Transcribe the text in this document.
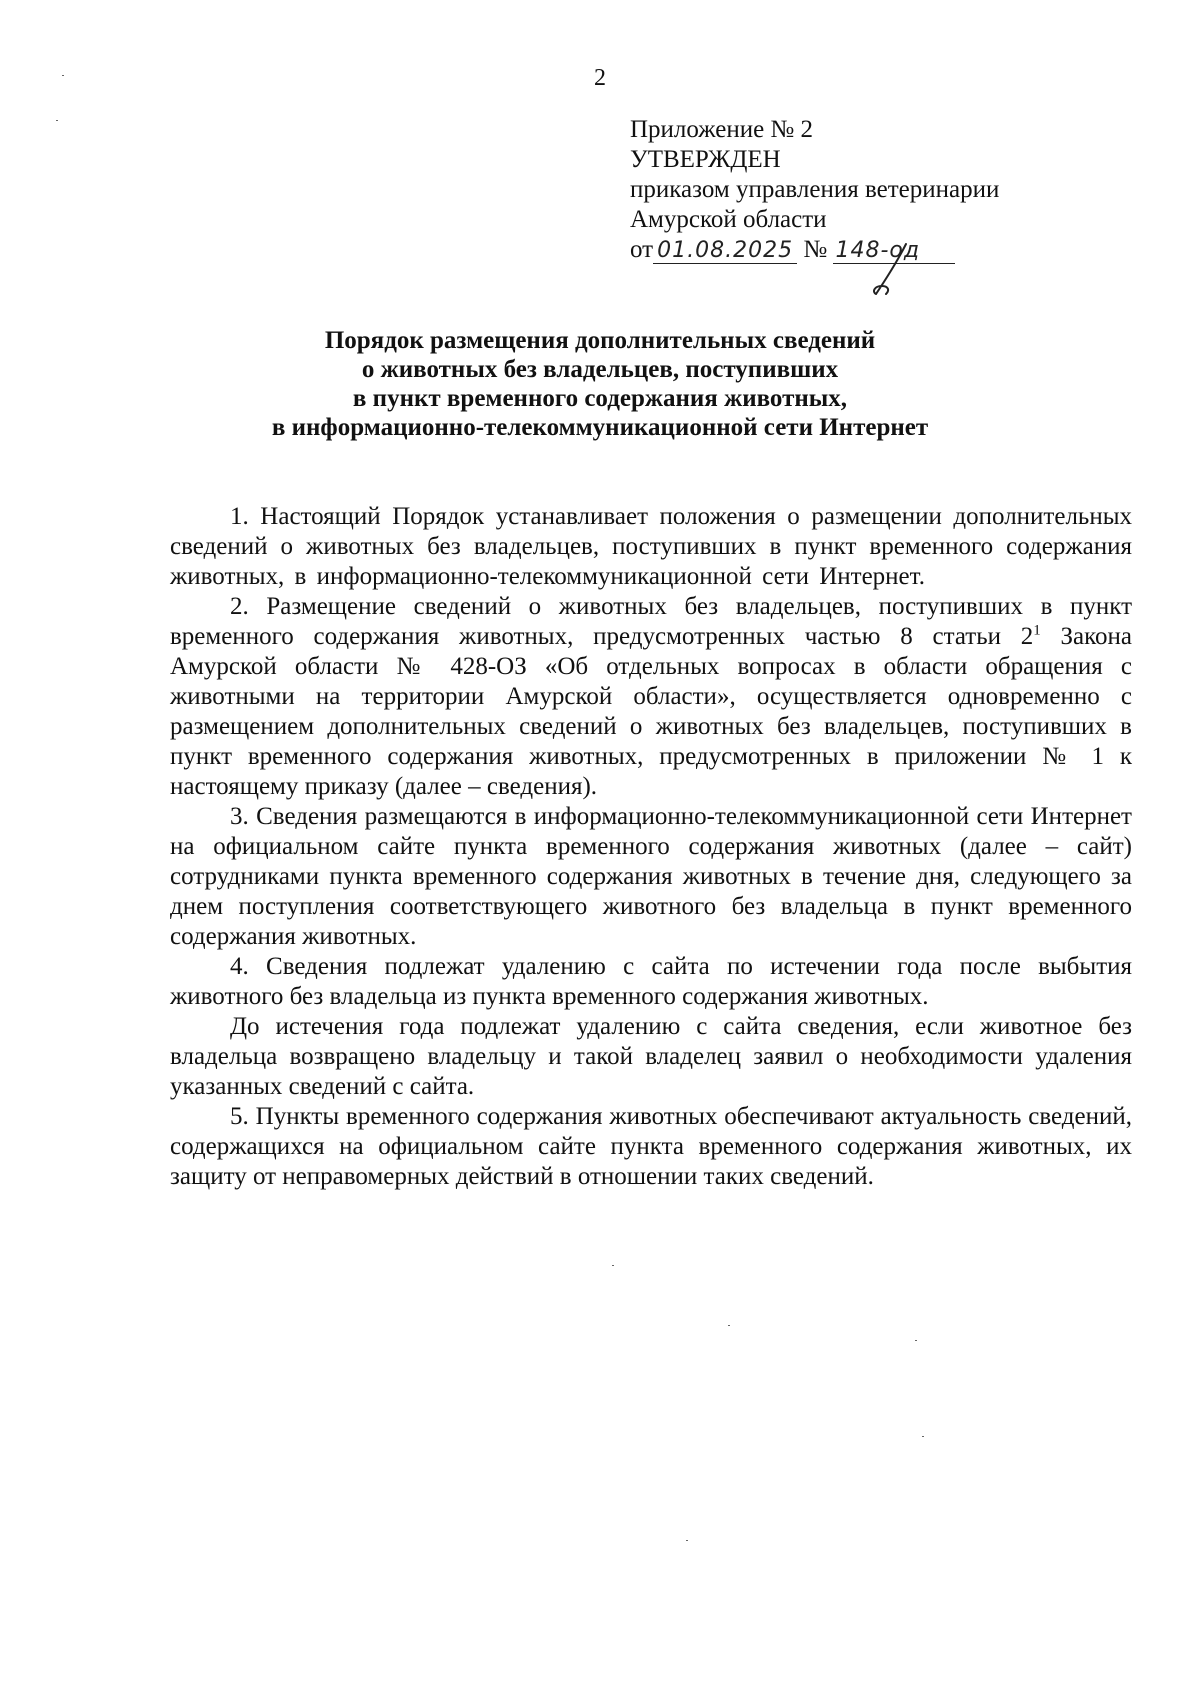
2
Приложение № 2
УТВЕРЖДЕН
приказом управления ветеринарии
Амурской области
от 01.08.2025 № 148-од
Порядок размещения дополнительных сведений
о животных без владельцев, поступивших
в пункт временного содержания животных,
в информационно-телекоммуникационной сети Интернет

1. Настоящий Порядок устанавливает положения о размещении дополнительных сведений о животных без владельцев, поступивших в пункт временного содержания животных, в информационно-телекоммуникационной сети Интернет.

2. Размещение сведений о животных без владельцев, поступивших в пункт временного содержания животных, предусмотренных частью 8 статьи $2^1$ Закона Амурской области № 428-ОЗ «Об отдельных вопросах в области обращения с животными на территории Амурской области», осуществляется одновременно с размещением дополнительных сведений о животных без владельцев, поступивших в пункт временного содержания животных, предусмотренных в приложении № 1 к настоящему приказу (далее – сведения).

3. Сведения размещаются в информационно-телекоммуникационной сети Интернет на официальном сайте пункта временного содержания животных (далее – сайт) сотрудниками пункта временного содержания животных в течение дня, следующего за днем поступления соответствующего животного без владельца в пункт временного содержания животных.

4. Сведения подлежат удалению с сайта по истечении года после выбытия животного без владельца из пункта временного содержания животных.

До истечения года подлежат удалению с сайта сведения, если животное без владельца возвращено владельцу и такой владелец заявил о необходимости удаления указанных сведений с сайта.

5. Пункты временного содержания животных обеспечивают актуальность сведений, содержащихся на официальном сайте пункта временного содержания животных, их защиту от неправомерных действий в отношении таких сведений.
